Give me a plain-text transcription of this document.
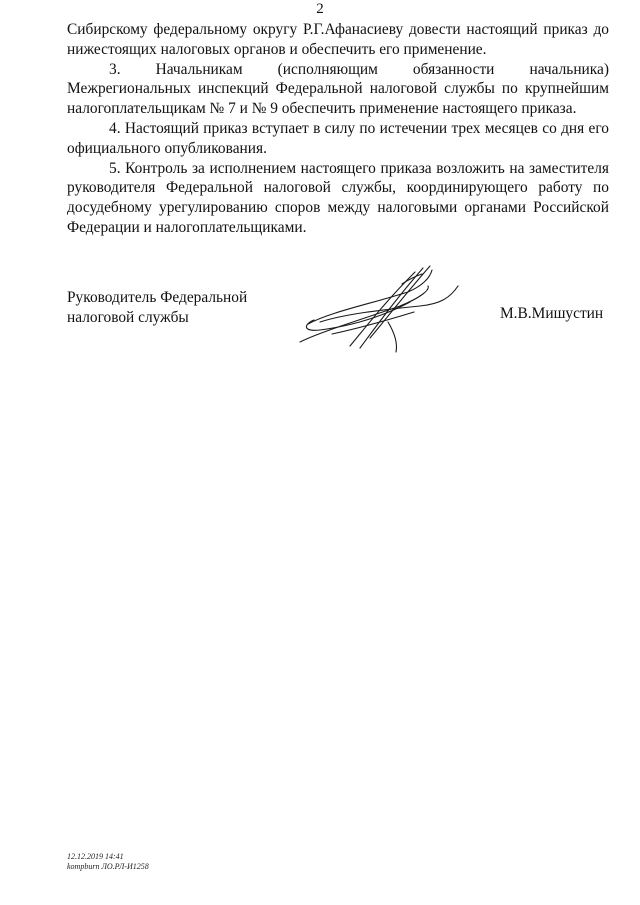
2

Сибирскому федеральному округу Р.Г.Афанасиеву довести настоящий приказ до нижестоящих налоговых органов и обеспечить его применение.

3. Начальникам (исполняющим обязанности начальника) Межрегиональных инспекций Федеральной налоговой службы по крупнейшим налогоплательщикам № 7 и № 9 обеспечить применение настоящего приказа.

4. Настоящий приказ вступает в силу по истечении трех месяцев со дня его официального опубликования.

5. Контроль за исполнением настоящего приказа возложить на заместителя руководителя Федеральной налоговой службы, координирующего работу по досудебному урегулированию споров между налоговыми органами Российской Федерации и налогоплательщиками.

Руководитель Федеральной
налоговой службы	М.В.Мишустин
12.12.2019 14:41
kompburn ЛО.РЛ-И1258
